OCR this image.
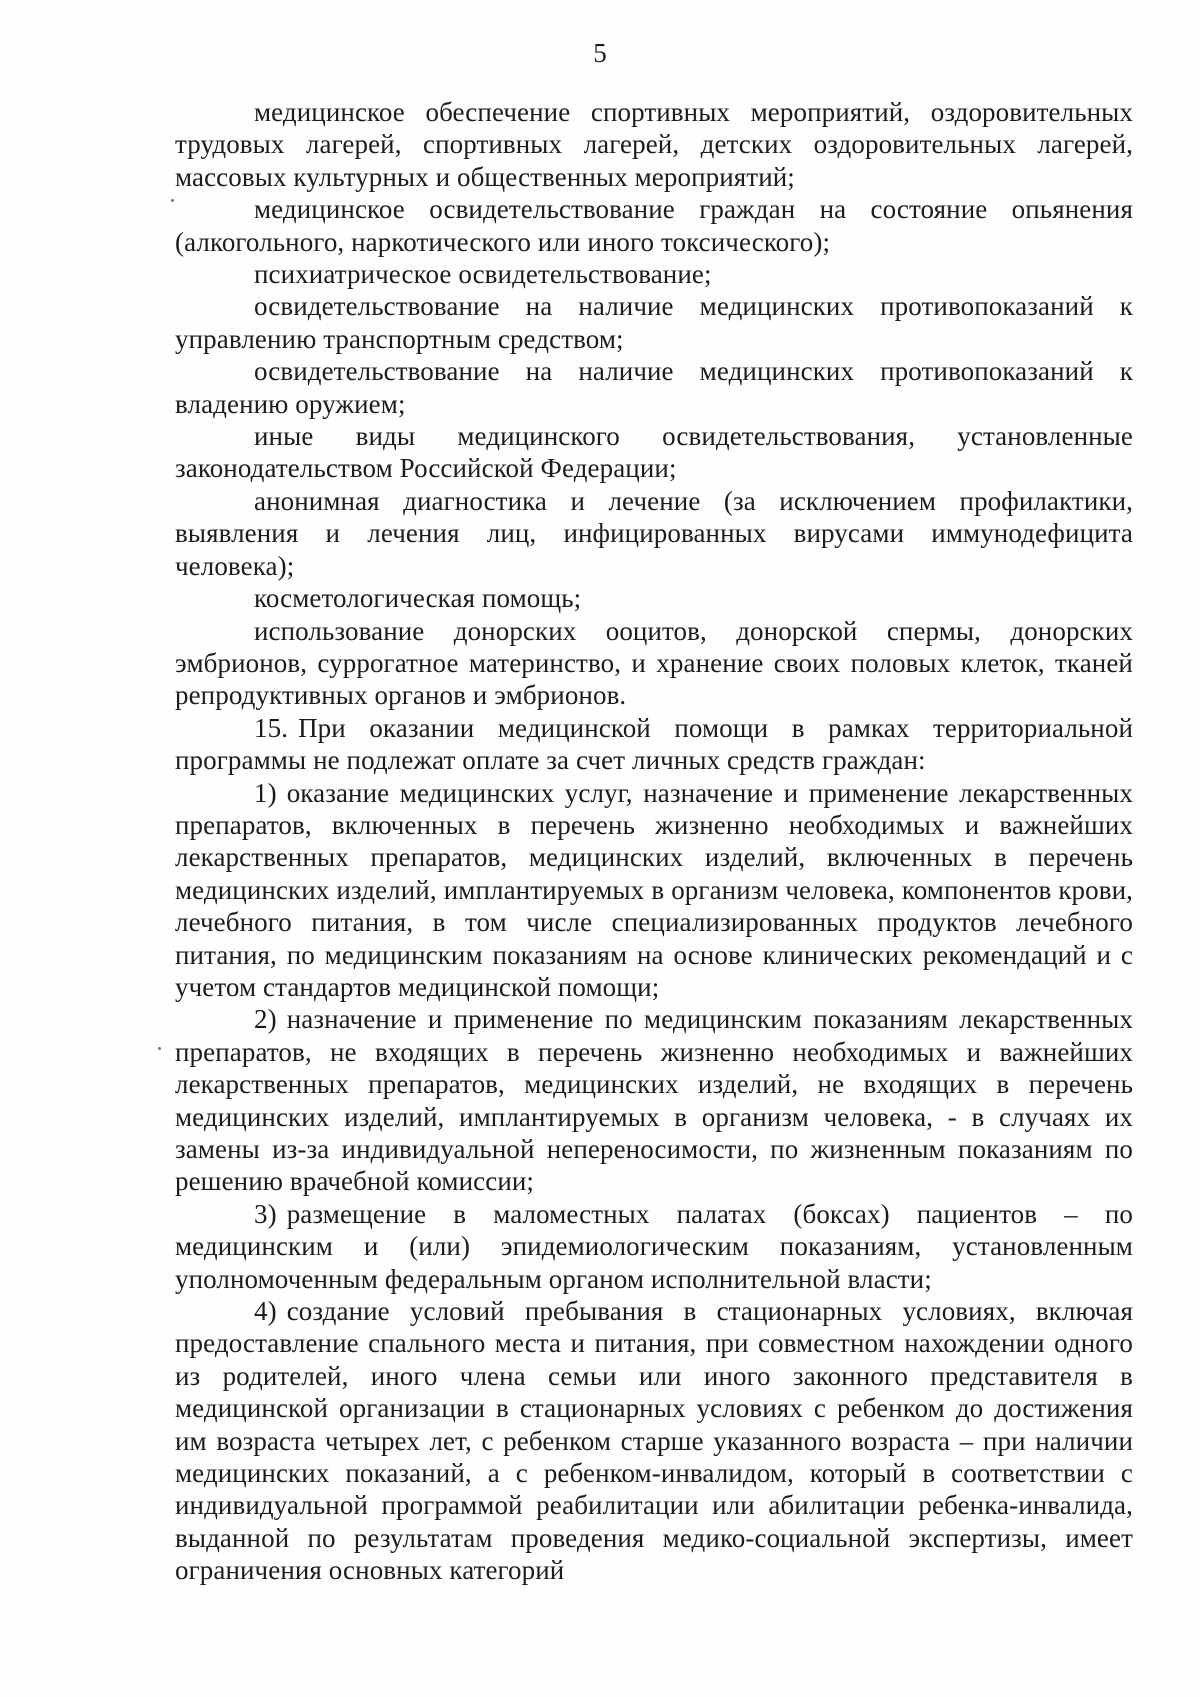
5

медицинское обеспечение спортивных мероприятий, оздоровительных трудовых лагерей, спортивных лагерей, детских оздоровительных лагерей, массовых культурных и общественных мероприятий;

медицинское освидетельствование граждан на состояние опьянения (алкогольного, наркотического или иного токсического);

психиатрическое освидетельствование;

освидетельствование на наличие медицинских противопоказаний к управлению транспортным средством;

освидетельствование на наличие медицинских противопоказаний к владению оружием;

иные виды медицинского освидетельствования, установленные законодательством Российской Федерации;

анонимная диагностика и лечение (за исключением профилактики, выявления и лечения лиц, инфицированных вирусами иммунодефицита человека);

косметологическая помощь;

использование донорских ооцитов, донорской спермы, донорских эмбрионов, суррогатное материнство, и хранение своих половых клеток, тканей репродуктивных органов и эмбрионов.

15. При оказании медицинской помощи в рамках территориальной программы не подлежат оплате за счет личных средств граждан:

1) оказание медицинских услуг, назначение и применение лекарственных препаратов, включенных в перечень жизненно необходимых и важнейших лекарственных препаратов, медицинских изделий, включенных в перечень медицинских изделий, имплантируемых в организм человека, компонентов крови, лечебного питания, в том числе специализированных продуктов лечебного питания, по медицинским показаниям на основе клинических рекомендаций и с учетом стандартов медицинской помощи;

2) назначение и применение по медицинским показаниям лекарственных препаратов, не входящих в перечень жизненно необходимых и важнейших лекарственных препаратов, медицинских изделий, не входящих в перечень медицинских изделий, имплантируемых в организм человека, - в случаях их замены из-за индивидуальной непереносимости, по жизненным показаниям по решению врачебной комиссии;

3) размещение в маломестных палатах (боксах) пациентов – по медицинским и (или) эпидемиологическим показаниям, установленным уполномоченным федеральным органом исполнительной власти;

4) создание условий пребывания в стационарных условиях, включая предоставление спального места и питания, при совместном нахождении одного из родителей, иного члена семьи или иного законного представителя в медицинской организации в стационарных условиях с ребенком до достижения им возраста четырех лет, с ребенком старше указанного возраста – при наличии медицинских показаний, а с ребенком-инвалидом, который в соответствии с индивидуальной программой реабилитации или абилитации ребенка-инвалида, выданной по результатам проведения медико-социальной экспертизы, имеет ограничения основных категорий
